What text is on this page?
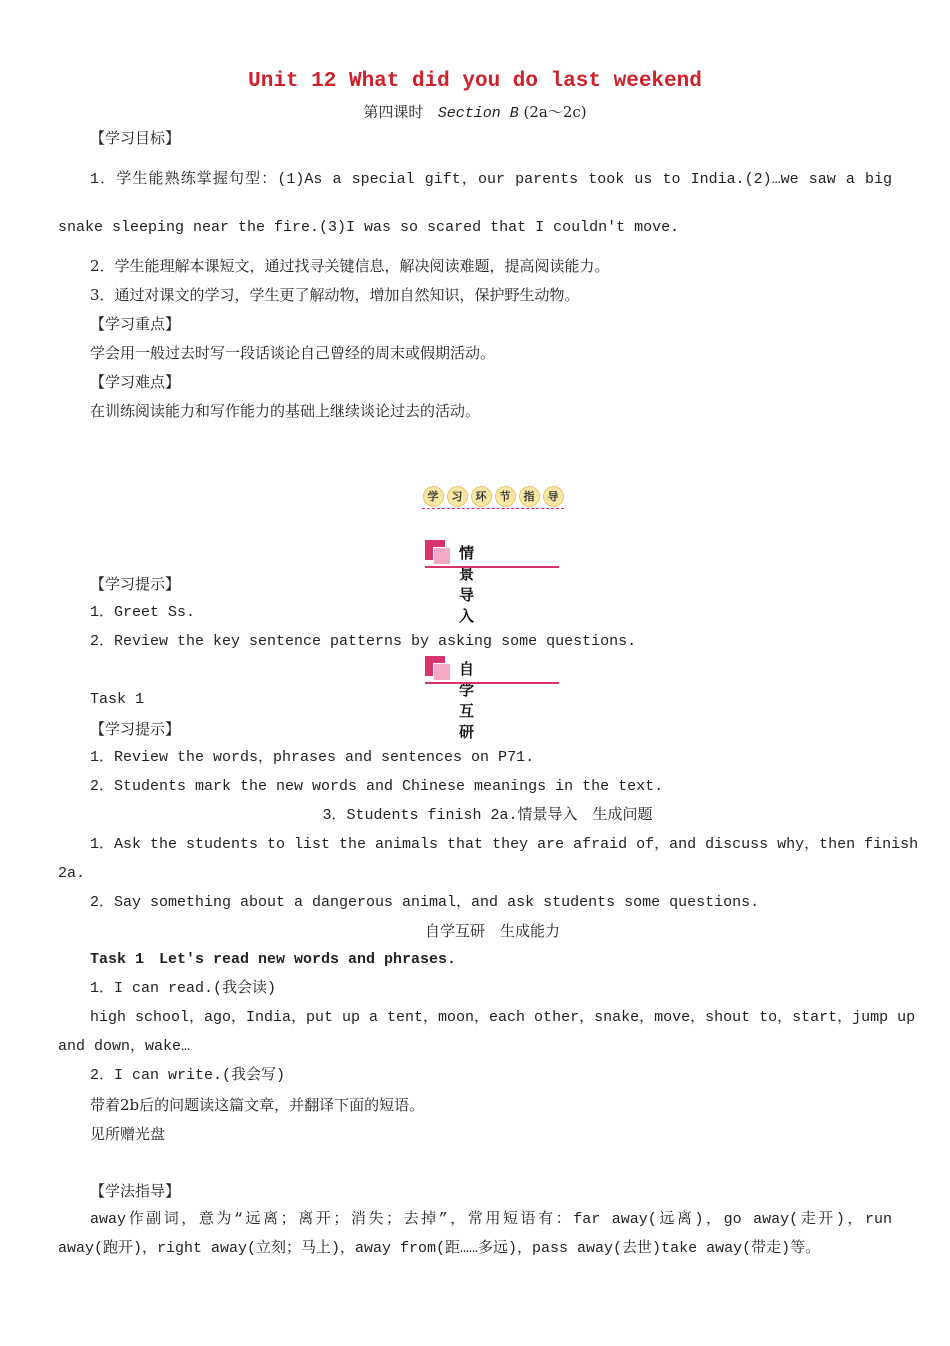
Unit 12 What did you do last weekend
第四课时 Section B (2a～2c)
【学习目标】
1．学生能熟练掌握句型：(1)As a special gift，our parents took us to India.(2)…we saw a big
snake sleeping near the fire.(3)I was so scared that I couldn't move.
2．学生能理解本课短文，通过找寻关键信息，解决阅读难题，提高阅读能力。
3．通过对课文的学习，学生更了解动物，增加自然知识，保护野生动物。
【学习重点】
学会用一般过去时写一段话谈论自己曾经的周末或假期活动。
【学习难点】
在训练阅读能力和写作能力的基础上继续谈论过去的活动。
学	习	环	节	指	导
情景导入
【学习提示】
1．Greet Ss.
2．Review the key sentence patterns by asking some questions.
自学互研
Task 1
【学习提示】
1．Review the words，phrases and sentences on P71.
2．Students mark the new words and Chinese meanings in the text.
3．Students finish 2a.情景导入　生成问题
1．Ask the students to list the animals that they are afraid of，and discuss why，then finish
2a.
2．Say something about a dangerous animal，and ask students some questions.
自学互研　生成能力
Task 1　Let's read new words and phrases.
1．I can read.(我会读)
high school，ago，India，put up a tent，moon，each other，snake，move，shout to，start，jump up
and down，wake…
2．I can write.(我会写)
带着2b后的问题读这篇文章，并翻译下面的短语。
见所赠光盘
【学法指导】
away作副词，意为“远离；离开；消失；去掉”，常用短语有：far away(远离)，go away(走开)，run
away(跑开)，right away(立刻；马上)，away from(距……多远)，pass away(去世)take away(带走)等。
